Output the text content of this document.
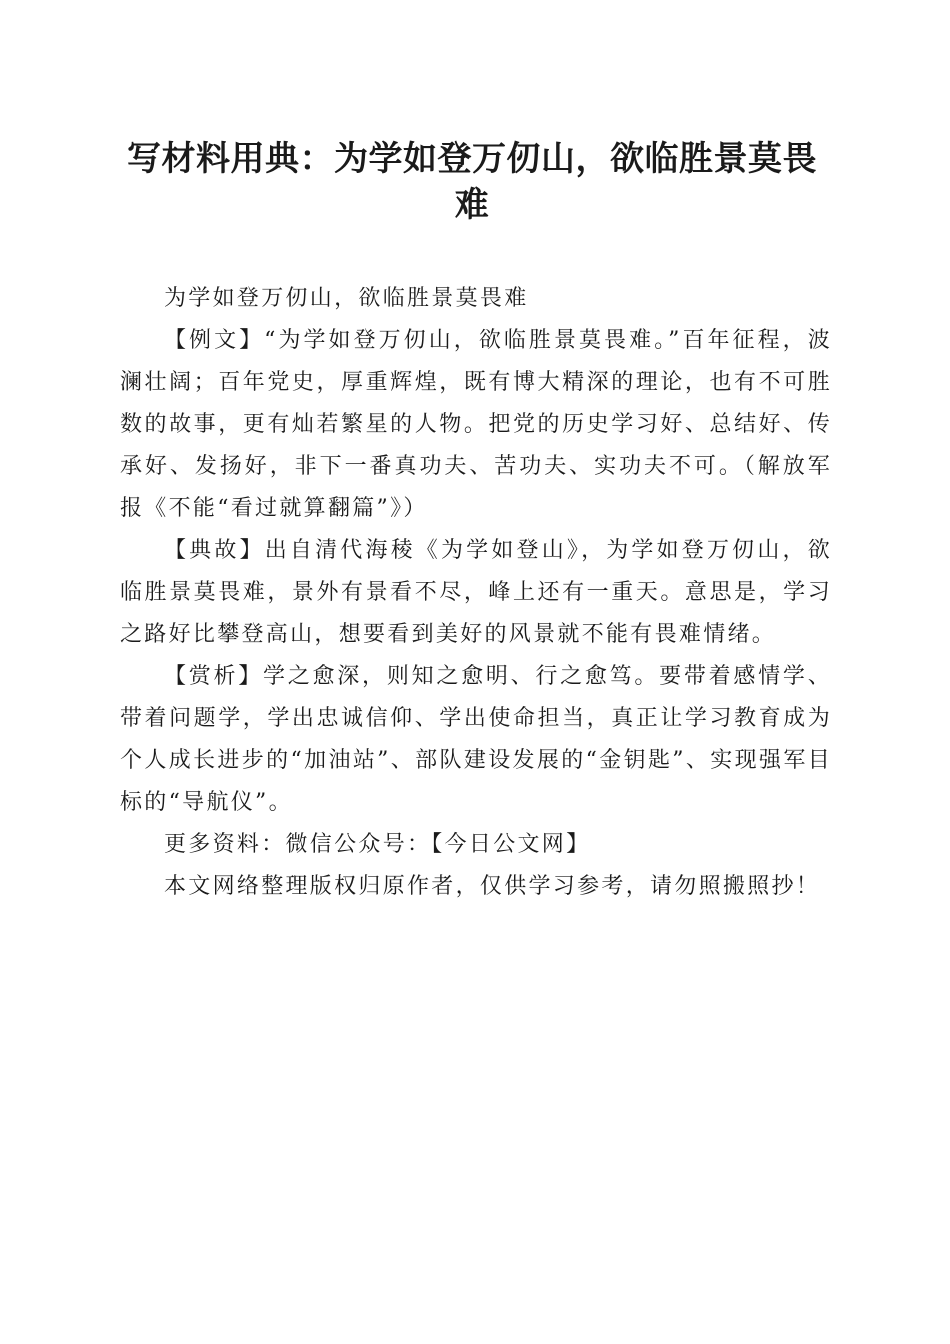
写材料用典：为学如登万仞山，欲临胜景莫畏难

为学如登万仞山，欲临胜景莫畏难

【例文】“为学如登万仞山，欲临胜景莫畏难。”百年征程，波澜壮阔；百年党史，厚重辉煌，既有博大精深的理论，也有不可胜数的故事，更有灿若繁星的人物。把党的历史学习好、总结好、传承好、发扬好，非下一番真功夫、苦功夫、实功夫不可。（解放军报《不能“看过就算翻篇”》）

【典故】出自清代海稜《为学如登山》，为学如登万仞山，欲临胜景莫畏难，景外有景看不尽，峰上还有一重天。意思是，学习之路好比攀登高山，想要看到美好的风景就不能有畏难情绪。

【赏析】学之愈深，则知之愈明、行之愈笃。要带着感情学、带着问题学，学出忠诚信仰、学出使命担当，真正让学习教育成为个人成长进步的“加油站”、部队建设发展的“金钥匙”、实现强军目标的“导航仪”。

更多资料：微信公众号：【今日公文网】

本文网络整理版权归原作者，仅供学习参考，请勿照搬照抄！
